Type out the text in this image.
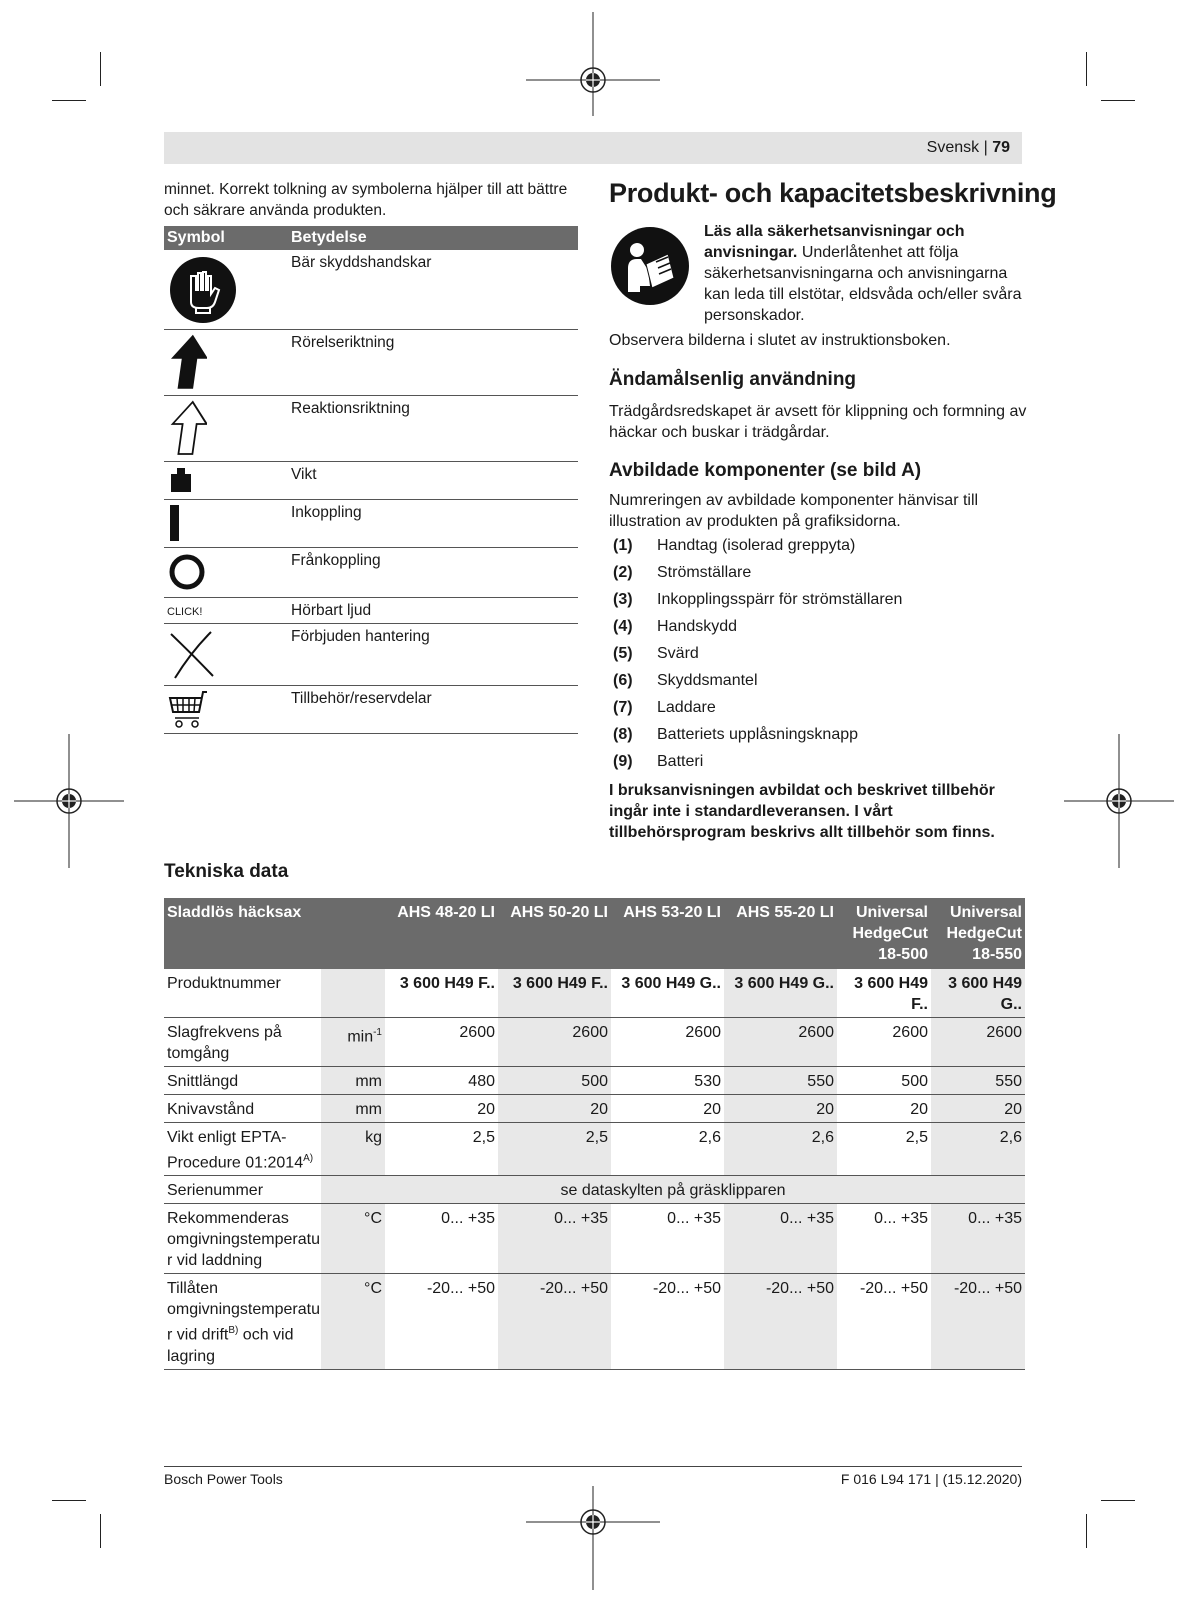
Svensk | 79
minnet. Korrekt tolkning av symbolerna hjälper till att bättre och säkrare använda produkten.
Symbol	Betydelse
	Bär skyddshandskar
	Rörelseriktning
	Reaktionsriktning
	Vikt
	Inkoppling
	Frånkoppling
CLICK!	Hörbart ljud
	Förbjuden hantering
	Tillbehör/reservdelar
Produkt- och kapacitetsbeskrivning
Läs alla säkerhetsanvisningar och anvisningar. Underlåtenhet att följa säkerhetsanvisningarna och anvisningarna kan leda till elstötar, eldsvåda och/eller svåra personskador.
Observera bilderna i slutet av instruktionsboken.
Ändamålsenlig användning
Trädgårdsredskapet är avsett för klippning och formning av häckar och buskar i trädgårdar.
Avbildade komponenter (se bild A)
Numreringen av avbildade komponenter hänvisar till illustration av produkten på grafiksidorna.
(1)	Handtag (isolerad greppyta)
(2)	Strömställare
(3)	Inkopplingsspärr för strömställaren
(4)	Handskydd
(5)	Svärd
(6)	Skyddsmantel
(7)	Laddare
(8)	Batteriets upplåsningsknapp
(9)	Batteri
I bruksanvisningen avbildat och beskrivet tillbehör ingår inte i standardleveransen. I vårt tillbehörsprogram beskrivs allt tillbehör som finns.
Tekniska data
Sladdlös häcksax		AHS 48-20 LI	AHS 50-20 LI	AHS 53-20 LI	AHS 55-20 LI	Universal HedgeCut 18-500	Universal HedgeCut 18-550
Produktnummer		3 600 H49 F..	3 600 H49 F..	3 600 H49 G..	3 600 H49 G..	3 600 H49 F..	3 600 H49 G..
Slagfrekvens på tomgång	$\min^{-1}$	2600	2600	2600	2600	2600	2600
Snittlängd	mm	480	500	530	550	500	550
Knivavstånd	mm	20	20	20	20	20	20
Vikt enligt EPTA-Procedure $01:2014^{A)}$	kg	2,5	2,5	2,6	2,6	2,5	2,6
Serienummer	se dataskylten på gräsklipparen						
Rekommenderas omgivningstemperatu r vid laddning	°C	0... +35	0... +35	0... +35	0... +35	0... +35	0... +35
Tillåten omgivningstemperatu r vid drift$^{B)}$ och vid lagring	°C	-20... +50	-20... +50	-20... +50	-20... +50	-20... +50	-20... +50
Bosch Power Tools	F 016 L94 171 | (15.12.2020)
